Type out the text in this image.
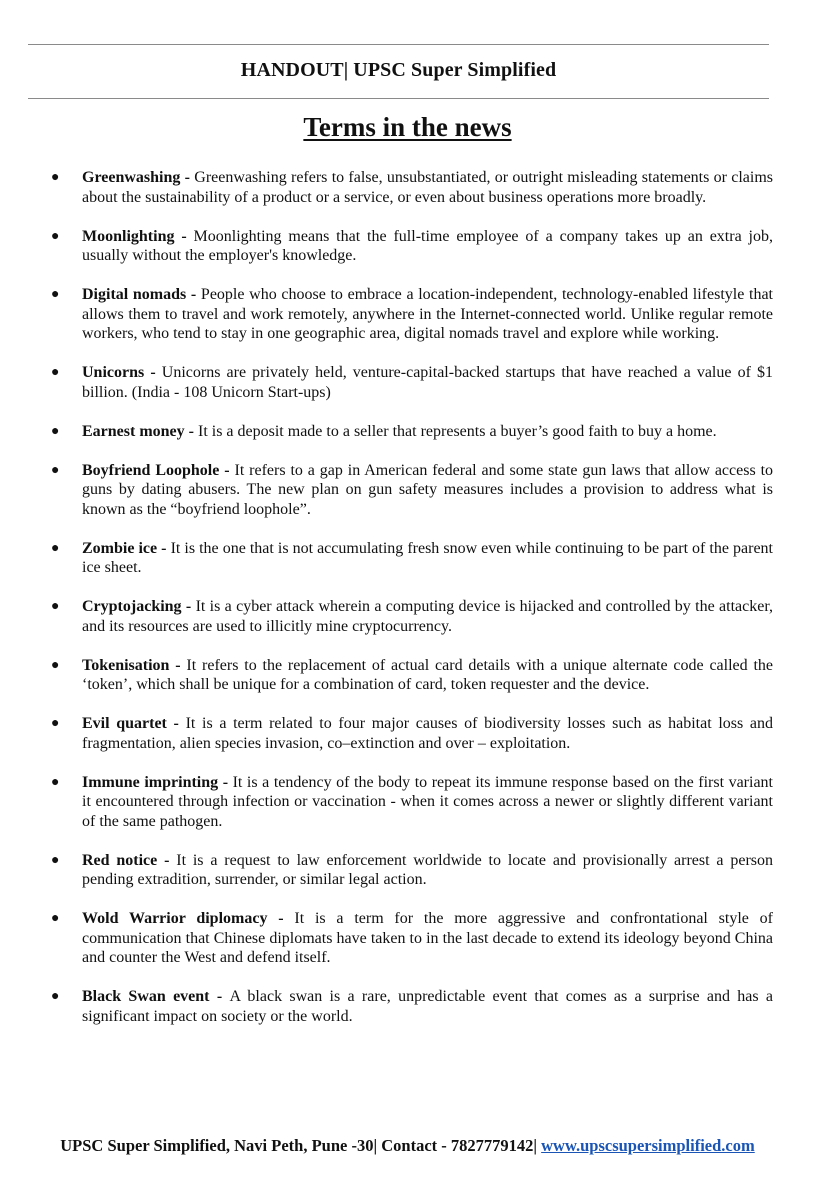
HANDOUT| UPSC Super Simplified
Terms in the news
● Greenwashing - Greenwashing refers to false, unsubstantiated, or outright misleading statements or claims about the sustainability of a product or a service, or even about business operations more broadly.
● Moonlighting - Moonlighting means that the full-time employee of a company takes up an extra job, usually without the employer's knowledge.
● Digital nomads - People who choose to embrace a location-independent, technology-enabled lifestyle that allows them to travel and work remotely, anywhere in the Internet-connected world. Unlike regular remote workers, who tend to stay in one geographic area, digital nomads travel and explore while working.
● Unicorns - Unicorns are privately held, venture-capital-backed startups that have reached a value of $1 billion. (India - 108 Unicorn Start-ups)
● Earnest money - It is a deposit made to a seller that represents a buyer’s good faith to buy a home.
● Boyfriend Loophole - It refers to a gap in American federal and some state gun laws that allow access to guns by dating abusers. The new plan on gun safety measures includes a provision to address what is known as the “boyfriend loophole”.
● Zombie ice - It is the one that is not accumulating fresh snow even while continuing to be part of the parent ice sheet.
● Cryptojacking - It is a cyber attack wherein a computing device is hijacked and controlled by the attacker, and its resources are used to illicitly mine cryptocurrency.
● Tokenisation - It refers to the replacement of actual card details with a unique alternate code called the ‘token’, which shall be unique for a combination of card, token requester and the device.
● Evil quartet - It is a term related to four major causes of biodiversity losses such as habitat loss and fragmentation, alien species invasion, co–extinction and over – exploitation.
● Immune imprinting - It is a tendency of the body to repeat its immune response based on the first variant it encountered through infection or vaccination - when it comes across a newer or slightly different variant of the same pathogen.
● Red notice - It is a request to law enforcement worldwide to locate and provisionally arrest a person pending extradition, surrender, or similar legal action.
● Wold Warrior diplomacy - It is a term for the more aggressive and confrontational style of communication that Chinese diplomats have taken to in the last decade to extend its ideology beyond China and counter the West and defend itself.
● Black Swan event - A black swan is a rare, unpredictable event that comes as a surprise and has a significant impact on society or the world.
UPSC Super Simplified, Navi Peth, Pune -30| Contact - 7827779142| www.upscsupersimplified.com
